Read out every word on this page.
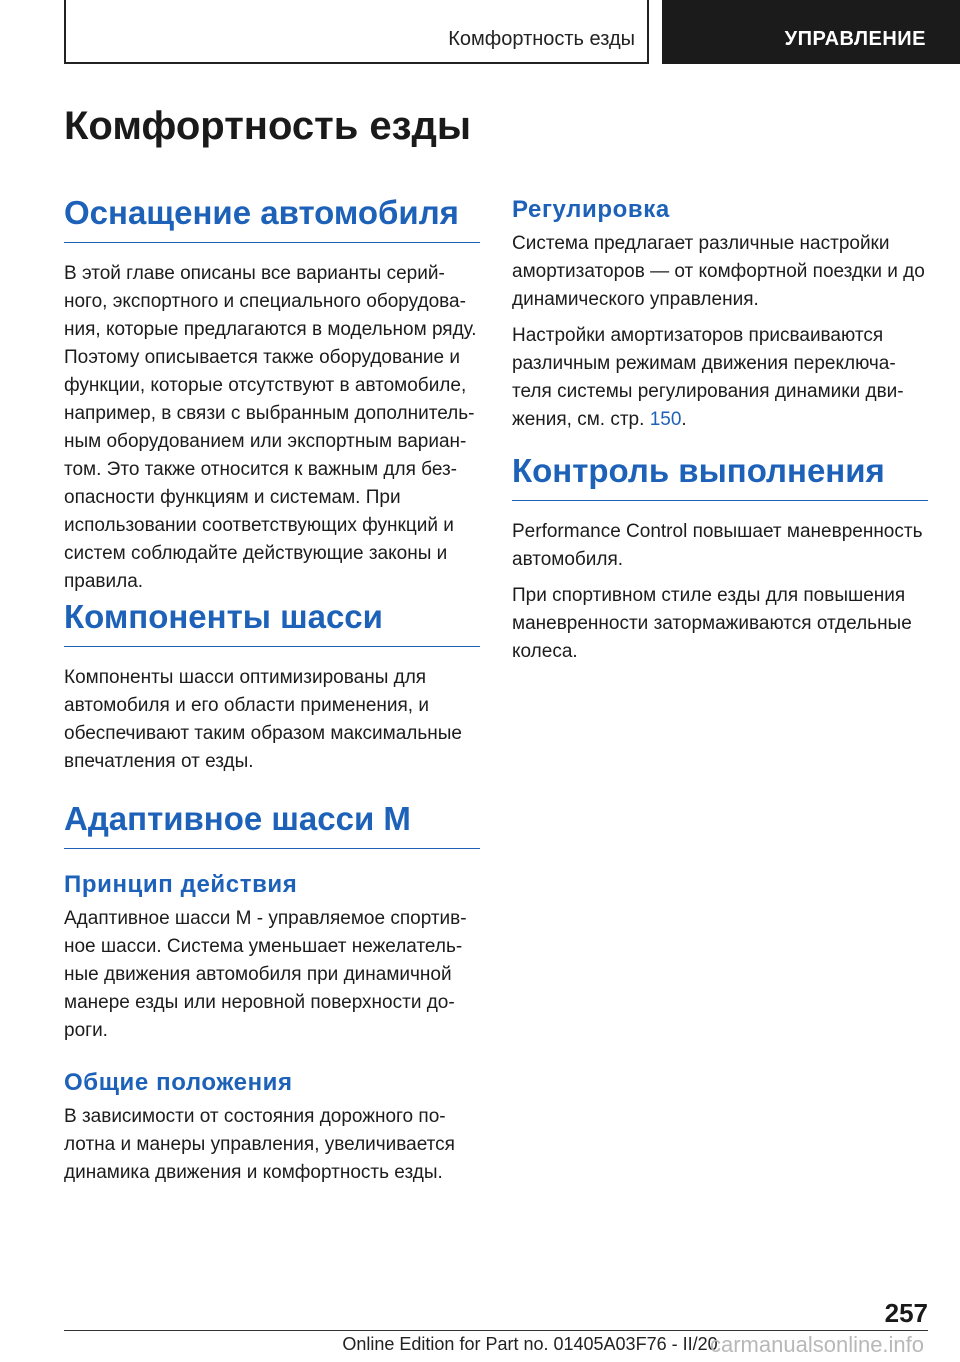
Комфортность езды	УПРАВЛЕНИЕ
Комфортность езды
Оснащение автомобиля

В этой главе описаны все варианты серий-
ного, экспортного и специального оборудова-
ния, которые предлагаются в модельном ряду.
Поэтому описывается также оборудование и
функции, которые отсутствуют в автомобиле,
например, в связи с выбранным дополнитель-
ным оборудованием или экспортным вариан-
том. Это также относится к важным для без-
опасности функциям и системам. При
использовании соответствующих функций и
систем соблюдайте действующие законы и
правила.

Компоненты шасси

Компоненты шасси оптимизированы для
автомобиля и его области применения, и
обеспечивают таким образом максимальные
впечатления от езды.

Адаптивное шасси M
Принцип действия

Адаптивное шасси M - управляемое спортив-
ное шасси. Система уменьшает нежелатель-
ные движения автомобиля при динамичной
манере езды или неровной поверхности до-
роги.

Общие положения

В зависимости от состояния дорожного по-
лотна и манеры управления, увеличивается
динамика движения и комфортность езды.

Регулировка

Система предлагает различные настройки
амортизаторов — от комфортной поездки и до
динамического управления.

Настройки амортизаторов присваиваются
различным режимам движения переключа-
теля системы регулирования динамики дви-
жения, см. стр. 150.

Контроль выполнения

Performance Control повышает маневренность
автомобиля.

При спортивном стиле езды для повышения
маневренности затормаживаются отдельные
колеса.

257
Online Edition for Part no. 01405A03F76 - II/20
carmanualsonline.info
